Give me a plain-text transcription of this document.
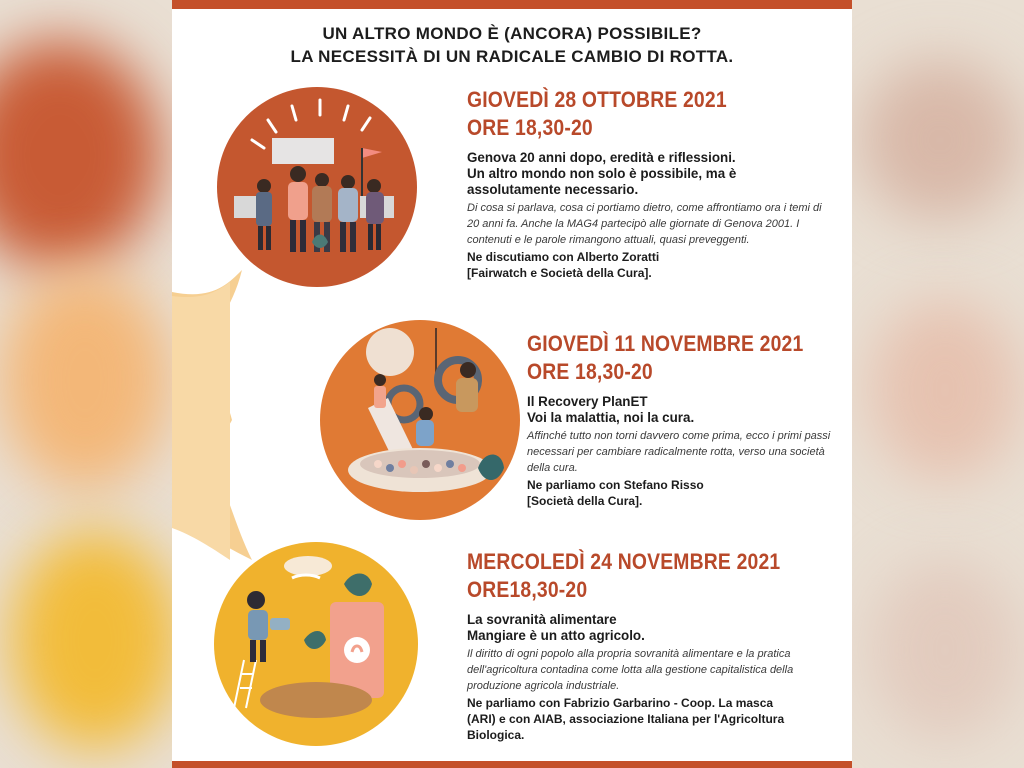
UN ALTRO MONDO È (ANCORA) POSSIBILE?
LA NECESSITÀ DI UN RADICALE CAMBIO DI ROTTA.
GIOVEDÌ 28 OTTOBRE 2021
ORE 18,30-20
Genova 20 anni dopo, eredità e riflessioni.
Un altro mondo non solo è possibile, ma è
assolutamente necessario.
Di cosa si parlava, cosa ci portiamo dietro, come affrontiamo ora i temi di 20 anni fa. Anche la MAG4 partecipò alle giornate di Genova 2001. I contenuti e le parole rimangono attuali, quasi preveggenti.
Ne discutiamo con Alberto Zoratti
[Fairwatch e Società della Cura].
GIOVEDÌ 11 NOVEMBRE 2021
ORE 18,30-20
Il Recovery PlanET
Voi la malattia, noi la cura.
Affinché tutto non torni davvero come prima, ecco i primi passi necessari per cambiare radicalmente rotta, verso una società della cura.
Ne parliamo con Stefano Risso
[Società della Cura].
MERCOLEDÌ 24 NOVEMBRE 2021
ORE18,30-20
La sovranità alimentare
Mangiare è un atto agricolo.
Il diritto di ogni popolo alla propria sovranità alimentare e la pratica dell'agricoltura contadina come lotta alla gestione capitalistica della produzione agricola industriale.
Ne parliamo con Fabrizio Garbarino - Coop. La masca
(ARI) e con AIAB, associazione Italiana per l'Agricoltura
Biologica.
